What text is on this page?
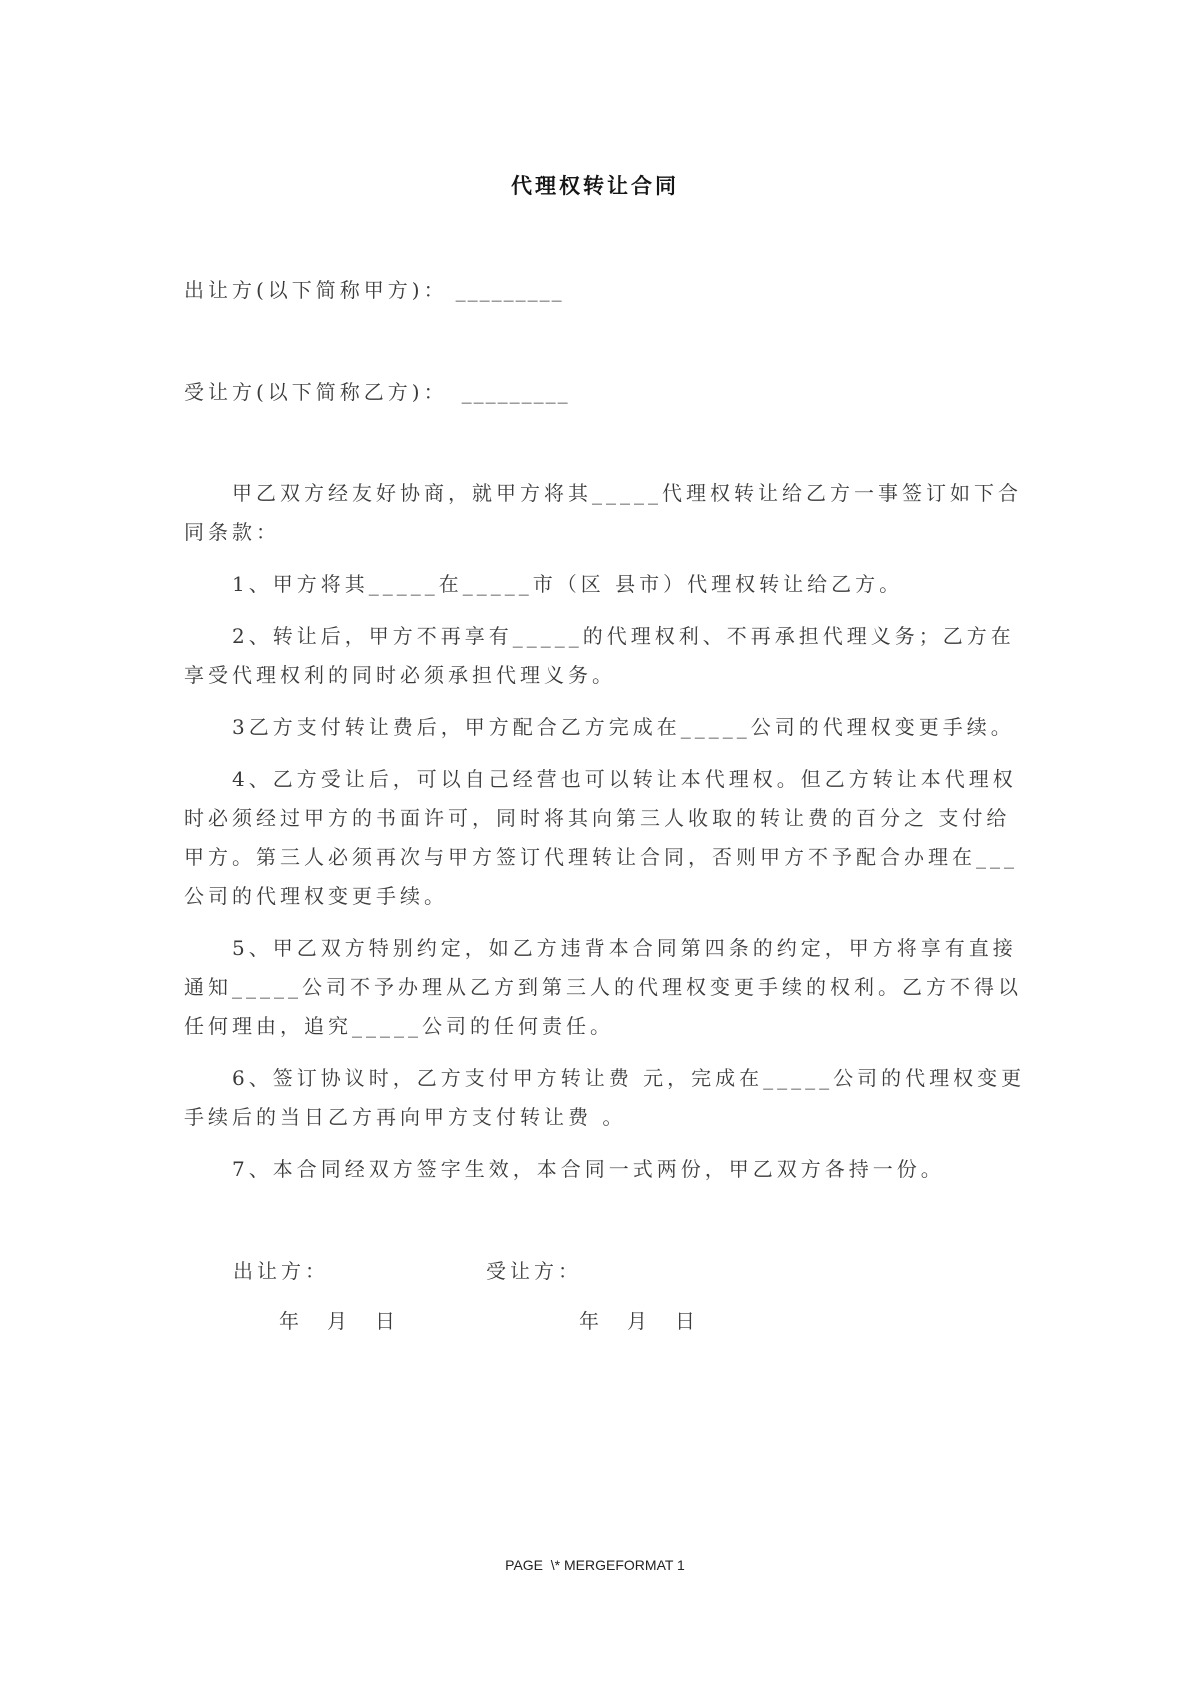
代理权转让合同
出让方(以下简称甲方)： _________
受让方(以下简称乙方)： _________
甲乙双方经友好协商，就甲方将其_____代理权转让给乙方一事签订如下合
同条款：
1、甲方将其_____在_____市（区 县市）代理权转让给乙方。
2、转让后，甲方不再享有_____的代理权利、不再承担代理义务；乙方在
享受代理权利的同时必须承担代理义务。
3乙方支付转让费后，甲方配合乙方完成在_____公司的代理权变更手续。
4、乙方受让后，可以自己经营也可以转让本代理权。但乙方转让本代理权
时必须经过甲方的书面许可，同时将其向第三人收取的转让费的百分之 支付给
甲方。第三人必须再次与甲方签订代理转让合同，否则甲方不予配合办理在___
公司的代理权变更手续。
5、甲乙双方特别约定，如乙方违背本合同第四条的约定，甲方将享有直接
通知_____公司不予办理从乙方到第三人的代理权变更手续的权利。乙方不得以
任何理由，追究_____公司的任何责任。
6、签订协议时，乙方支付甲方转让费 元，完成在_____公司的代理权变更
手续后的当日乙方再向甲方支付转让费 。
7、本合同经双方签字生效，本合同一式两份，甲乙双方各持一份。
出让方：	受让方：
年　月　日	年　月　日
PAGE  \* MERGEFORMAT 1
